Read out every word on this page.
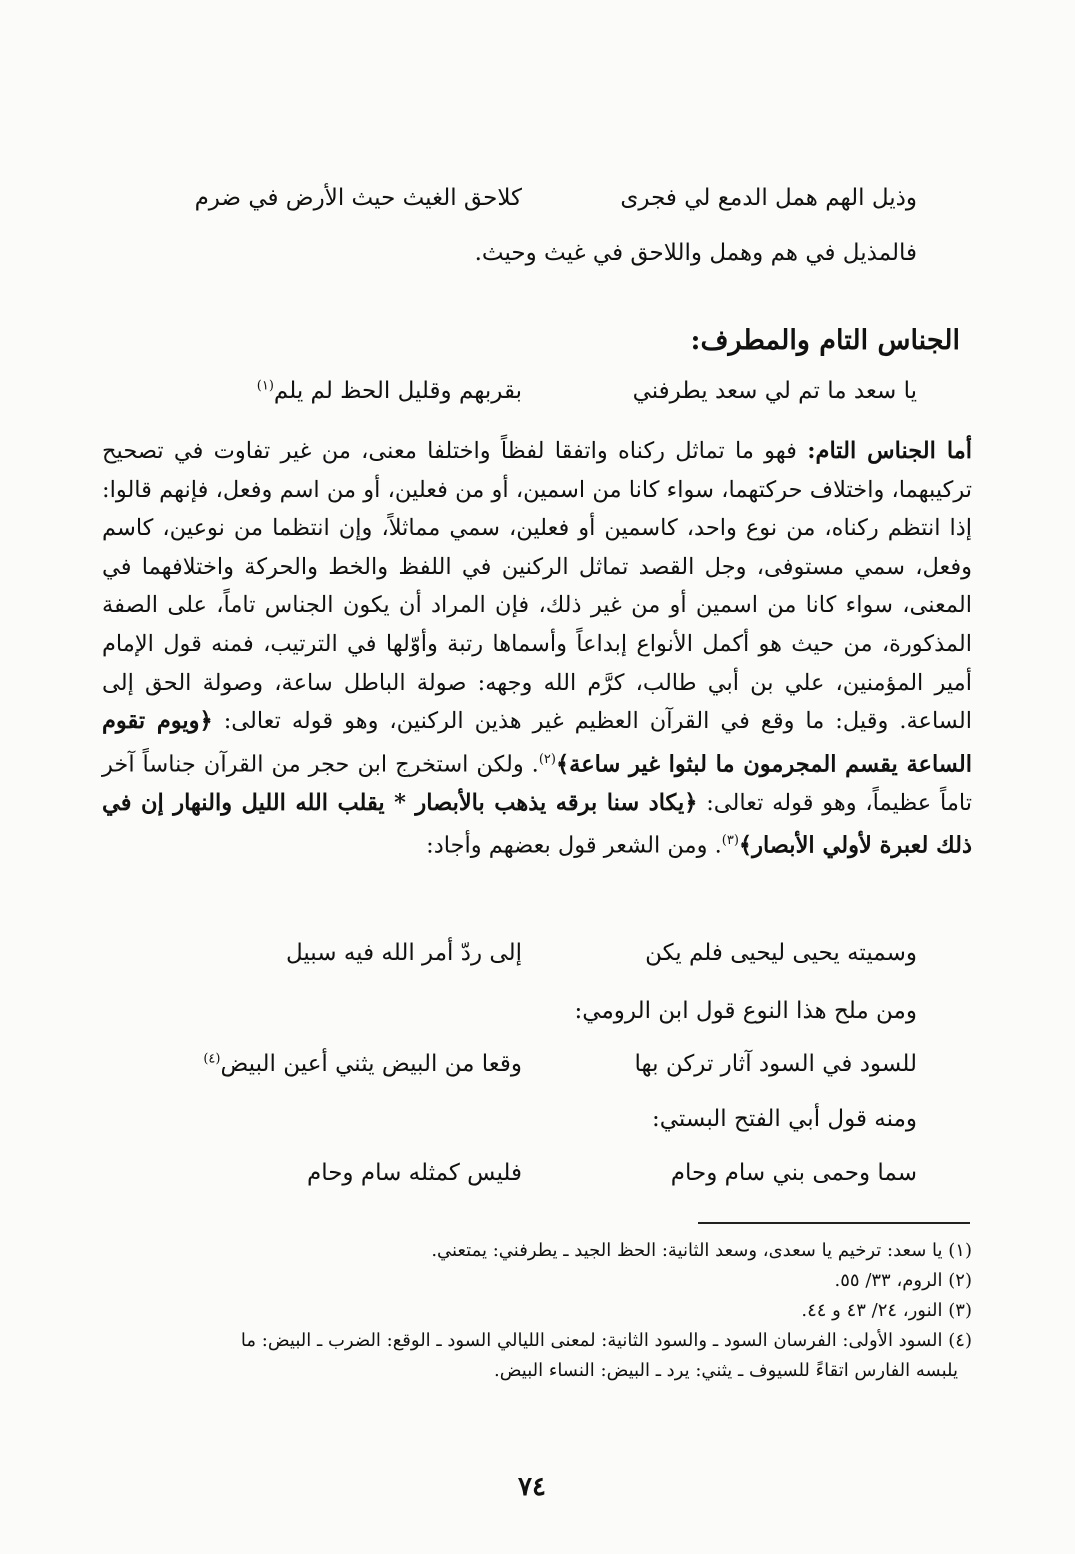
وذيل الهم همل الدمع لي فجرى
كلاحق الغيث حيث الأرض في ضرم
فالمذيل في هم وهمل واللاحق في غيث وحيث.
الجناس التام والمطرف:
يا سعد ما تم لي سعد يطرفني
بقربهم وقليل الحظ لم يلم$^{(١)}$
أما الجناس التام: فهو ما تماثل ركناه واتفقا لفظاً واختلفا معنى، من غير تفاوت في تصحيح تركيبهما، واختلاف حركتهما، سواء كانا من اسمين، أو من فعلين، أو من اسم وفعل، فإنهم قالوا: إذا انتظم ركناه، من نوع واحد، كاسمين أو فعلين، سمي مماثلاً، وإن انتظما من نوعين، كاسم وفعل، سمي مستوفى، وجل القصد تماثل الركنين في اللفظ والخط والحركة واختلافهما في المعنى، سواء كانا من اسمين أو من غير ذلك، فإن المراد أن يكون الجناس تاماً، على الصفة المذكورة، من حيث هو أكمل الأنواع إبداعاً وأسماها رتبة وأوّلها في الترتيب، فمنه قول الإمام أمير المؤمنين، علي بن أبي طالب، كرَّم الله وجهه: صولة الباطل ساعة، وصولة الحق إلى الساعة. وقيل: ما وقع في القرآن العظيم غير هذين الركنين، وهو قوله تعالى: ﴿ويوم تقوم الساعة يقسم المجرمون ما لبثوا غير ساعة﴾$^{(٢)}$. ولكن استخرج ابن حجر من القرآن جناساً آخر تاماً عظيماً، وهو قوله تعالى: ﴿يكاد سنا برقه يذهب بالأبصار * يقلب الله الليل والنهار إن في ذلك لعبرة لأولي الأبصار﴾$^{(٣)}$. ومن الشعر قول بعضهم وأجاد:
وسميته يحيى ليحيى فلم يكن
إلى ردّ أمر الله فيه سبيل
ومن ملح هذا النوع قول ابن الرومي:
للسود في السود آثار تركن بها
وقعا من البيض يثني أعين البيض$^{(٤)}$
ومنه قول أبي الفتح البستي:
سما وحمى بني سام وحام
فليس كمثله سام وحام

(١) يا سعد: ترخيم يا سعدى، وسعد الثانية: الحظ الجيد ـ يطرفني: يمتعني.

(٢) الروم، ٣٣/ ٥٥.

(٣) النور، ٢٤/ ٤٣ و ٤٤.

(٤) السود الأولى: الفرسان السود ـ والسود الثانية: لمعنى الليالي السود ـ الوقع: الضرب ـ البيض: ما
يلبسه الفارس اتقاءً للسيوف ـ يثني: يرد ـ البيض: النساء البيض.

٧٤
